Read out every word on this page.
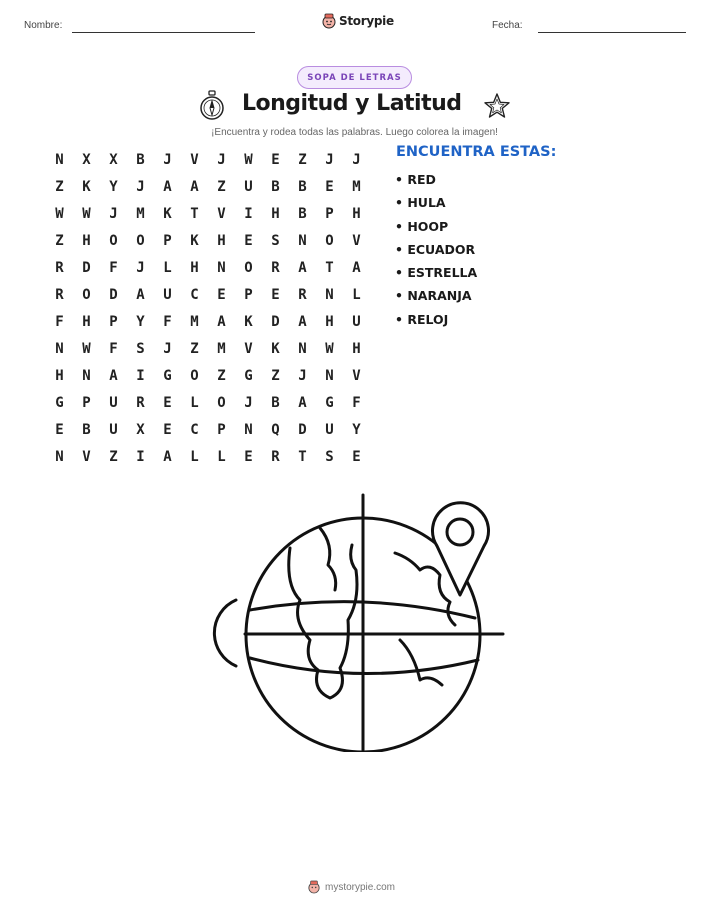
Nombre:	Storypie	Fecha:
SOPA DE LETRAS
Longitud y Latitud
¡Encuentra y rodea todas las palabras. Luego colorea la imagen!
N	X	X	B	J	V	J	W	E	Z	J	J
Z	K	Y	J	A	A	Z	U	B	B	E	M
W	W	J	M	K	T	V	I	H	B	P	H
Z	H	O	O	P	K	H	E	S	N	O	V
R	D	F	J	L	H	N	O	R	A	T	A
R	O	D	A	U	C	E	P	E	R	N	L
F	H	P	Y	F	M	A	K	D	A	H	U
N	W	F	S	J	Z	M	V	K	N	W	H
H	N	A	I	G	O	Z	G	Z	J	N	V
G	P	U	R	E	L	O	J	B	A	G	F
E	B	U	X	E	C	P	N	Q	D	U	Y
N	V	Z	I	A	L	L	E	R	T	S	E
ENCUENTRA ESTAS:
• RED
• HULA
• HOOP
• ECUADOR
• ESTRELLA
• NARANJA
• RELOJ
mystorypie.com
